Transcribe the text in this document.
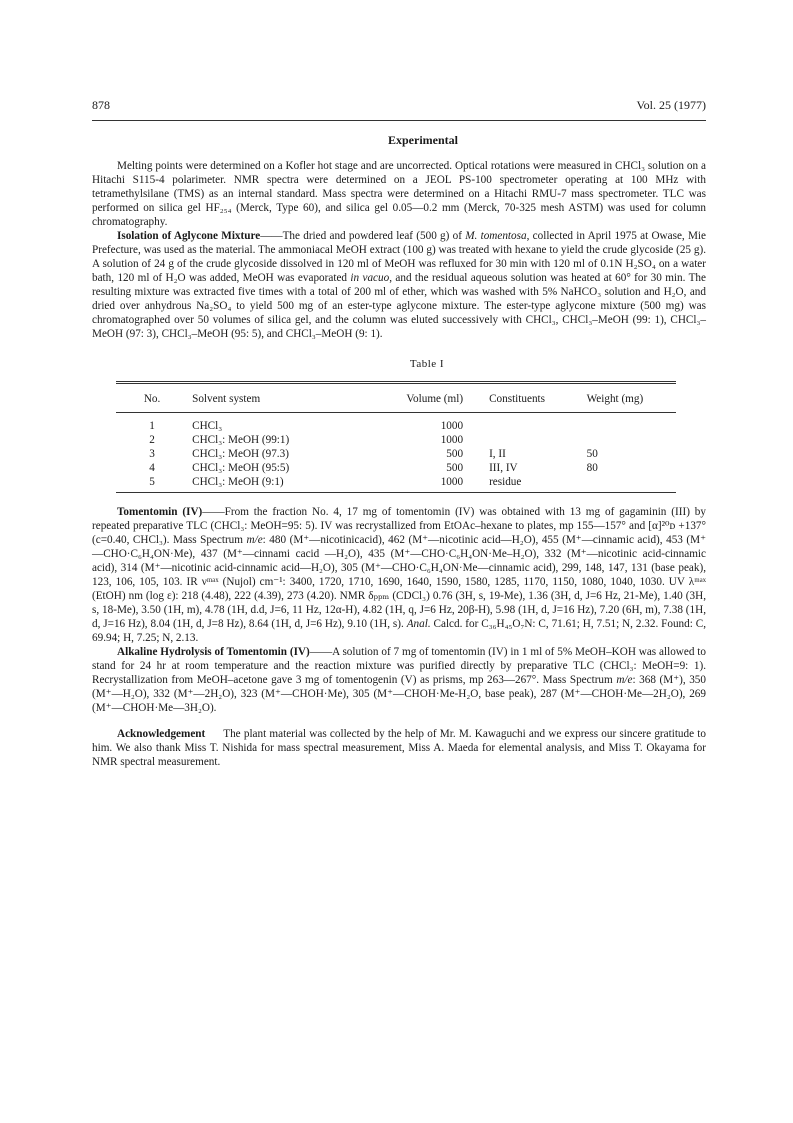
878	Vol. 25 (1977)
Experimental

Melting points were determined on a Kofler hot stage and are uncorrected. Optical rotations were measured in CHCl₃ solution on a Hitachi S115-4 polarimeter. NMR spectra were determined on a JEOL PS-100 spectrometer operating at 100 MHz with tetramethylsilane (TMS) as an internal standard. Mass spectra were determined on a Hitachi RMU-7 mass spectrometer. TLC was performed on silica gel HF₂₅₄ (Merck, Type 60), and silica gel 0.05—0.2 mm (Merck, 70-325 mesh ASTM) was used for column chromatography.

Isolation of Aglycone Mixture——The dried and powdered leaf (500 g) of M. tomentosa, collected in April 1975 at Owase, Mie Prefecture, was used as the material. The ammoniacal MeOH extract (100 g) was treated with hexane to yield the crude glycoside (25 g). A solution of 24 g of the crude glycoside dissolved in 120 ml of MeOH was refluxed for 30 min with 120 ml of 0.1N H₂SO₄ on a water bath, 120 ml of H₂O was added, MeOH was evaporated in vacuo, and the residual aqueous solution was heated at 60° for 30 min. The resulting mixture was extracted five times with a total of 200 ml of ether, which was washed with 5% NaHCO₃ solution and H₂O, and dried over anhydrous Na₂SO₄ to yield 500 mg of an ester-type aglycone mixture. The ester-type aglycone mixture (500 mg) was chromatographed over 50 volumes of silica gel, and the column was eluted successively with CHCl₃, CHCl₃–MeOH (99: 1), CHCl₃–MeOH (97: 3), CHCl₃–MeOH (95: 5), and CHCl₃–MeOH (9: 1).

Table I

No.	Solvent system	Volume (ml)	Constituents	Weight (mg)
1	CHCl₃	1000		
2	CHCl₃: MeOH (99:1)	1000		
3	CHCl₃: MeOH (97.3)	500	I, II	50
4	CHCl₃: MeOH (95:5)	500	III, IV	80
5	CHCl₃: MeOH (9:1)	1000	residue	

Tomentomin (IV)——From the fraction No. 4, 17 mg of tomentomin (IV) was obtained with 13 mg of gagaminin (III) by repeated preparative TLC (CHCl₃: MeOH=95: 5). IV was recrystallized from EtOAc–hexane to plates, mp 155—157° and [α]²⁰ᴅ +137° (c=0.40, CHCl₃). Mass Spectrum m/e: 480 (M⁺—nicotinicacid), 462 (M⁺—nicotinic acid—H₂O), 455 (M⁺—cinnamic acid), 453 (M⁺—CHO·C₆H₄ON·Me), 437 (M⁺—cinnami cacid —H₂O), 435 (M⁺—CHO·C₆H₄ON·Me–H₂O), 332 (M⁺—nicotinic acid-cinnamic acid), 314 (M⁺—nicotinic acid-cinnamic acid—H₂O), 305 (M⁺—CHO·C₆H₄ON·Me—cinnamic acid), 299, 148, 147, 131 (base peak), 123, 106, 105, 103. IR νᵐᵃˣ (Nujol) cm⁻¹: 3400, 1720, 1710, 1690, 1640, 1590, 1580, 1285, 1170, 1150, 1080, 1040, 1030. UV λᵐᵃˣ (EtOH) nm (log ε): 218 (4.48), 222 (4.39), 273 (4.20). NMR δₚₚₘ (CDCl₃) 0.76 (3H, s, 19-Me), 1.36 (3H, d, J=6 Hz, 21-Me), 1.40 (3H, s, 18-Me), 3.50 (1H, m), 4.78 (1H, d.d, J=6, 11 Hz, 12α-H), 4.82 (1H, q, J=6 Hz, 20β-H), 5.98 (1H, d, J=16 Hz), 7.20 (6H, m), 7.38 (1H, d, J=16 Hz), 8.04 (1H, d, J=8 Hz), 8.64 (1H, d, J=6 Hz), 9.10 (1H, s). Anal. Calcd. for C₃₆H₄₅O₇N: C, 71.61; H, 7.51; N, 2.32. Found: C, 69.94; H, 7.25; N, 2.13.

Alkaline Hydrolysis of Tomentomin (IV)——A solution of 7 mg of tomentomin (IV) in 1 ml of 5% MeOH–KOH was allowed to stand for 24 hr at room temperature and the reaction mixture was purified directly by preparative TLC (CHCl₃: MeOH=9: 1). Recrystallization from MeOH–acetone gave 3 mg of tomentogenin (V) as prisms, mp 263—267°. Mass Spectrum m/e: 368 (M⁺), 350 (M⁺—H₂O), 332 (M⁺—2H₂O), 323 (M⁺—CHOH·Me), 305 (M⁺—CHOH·Me-H₂O, base peak), 287 (M⁺—CHOH·Me—2H₂O), 269 (M⁺—CHOH·Me—3H₂O).

Acknowledgement The plant material was collected by the help of Mr. M. Kawaguchi and we express our sincere gratitude to him. We also thank Miss T. Nishida for mass spectral measurement, Miss A. Maeda for elemental analysis, and Miss T. Okayama for NMR spectral measurement.
